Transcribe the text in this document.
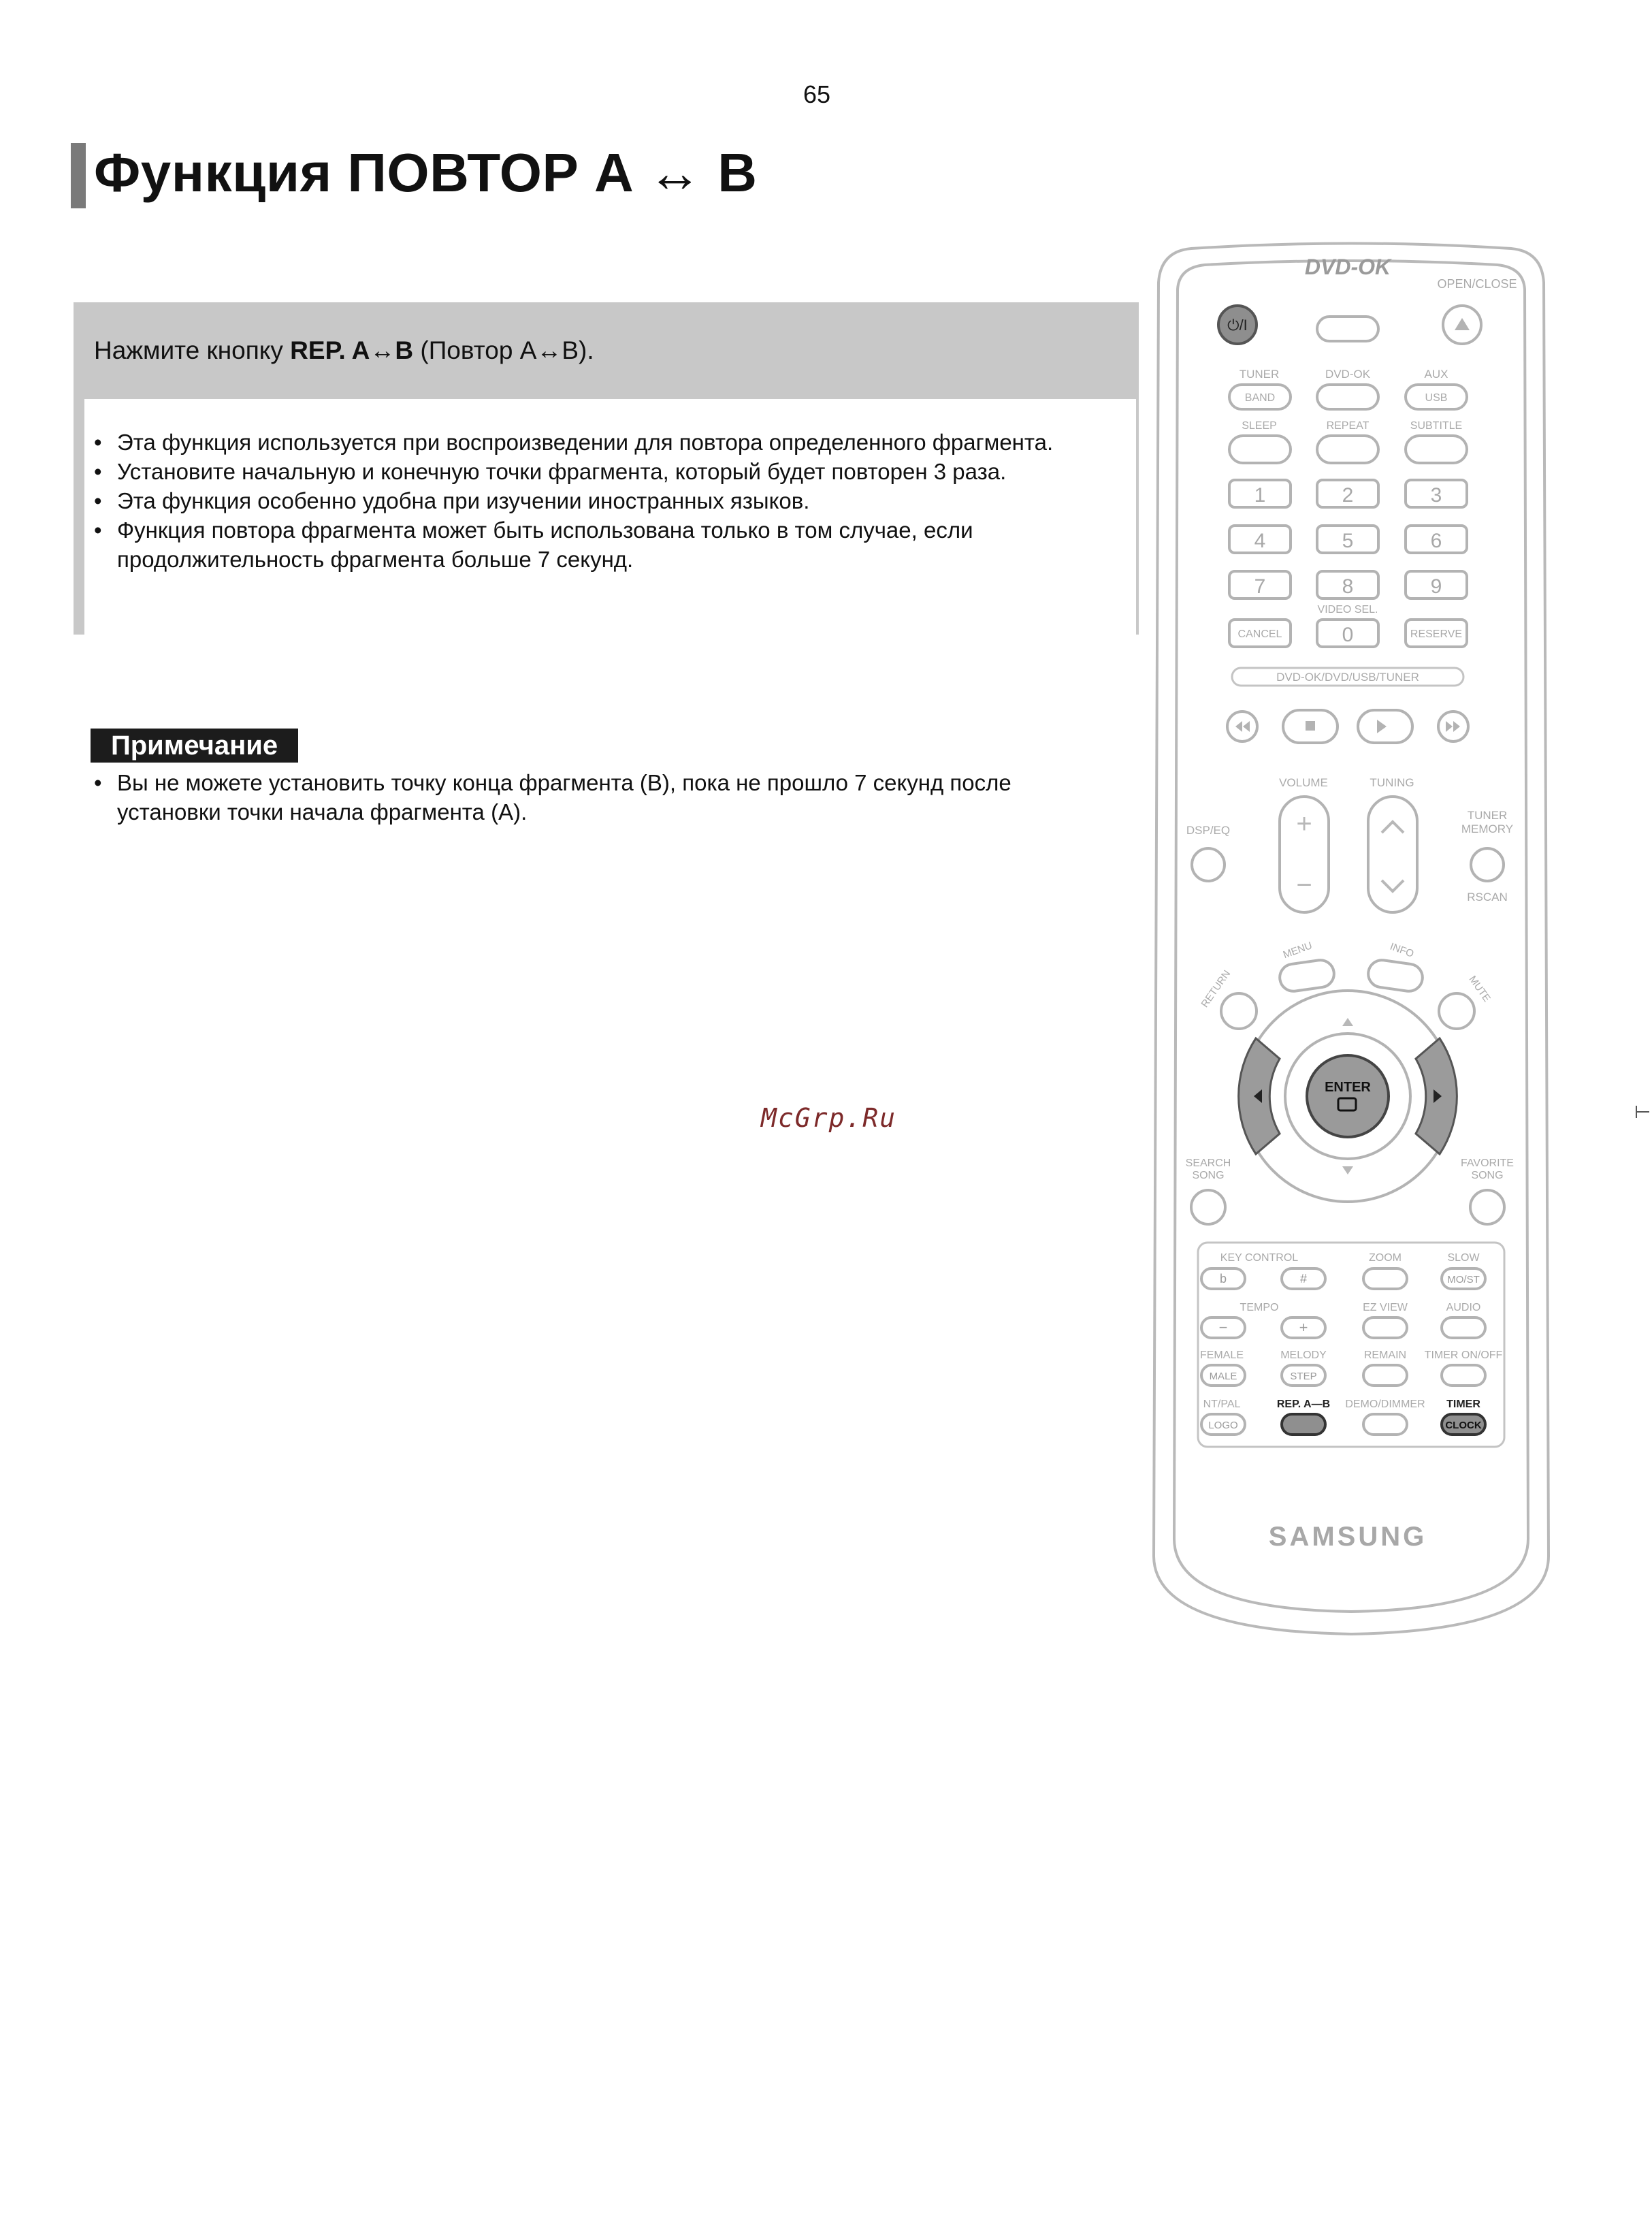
65
Функция ПОВТОР A ↔ B
Нажмите кнопку REP. A↔B (Повтор A↔B).
• Эта функция используется при воспроизведении для повтора определенного фрагмента.
• Установите начальную и конечную точки фрагмента, который будет повторен 3 раза.
• Эта функция особенно удобна при изучении иностранных языков.
• Функция повтора фрагмента может быть использована только в том случае, если продолжительность фрагмента больше 7 секунд.
Примечание
• Вы не можете установить точку конца фрагмента (B), пока не прошло 7 секунд после установки точки начала фрагмента (A).
McGrp.Ru
DVD-OK
OPEN/CLOSE
⏻/I
TUNER	DVD-OK	AUX
BAND	USB
SLEEP	REPEAT	SUBTITLE
1	2	3
4	5	6
7	8	9
0
VIDEO SEL.
CANCEL	RESERVE
DVD-OK/DVD/USB/TUNER
VOLUME	TUNING
DSP/EQ
TUNER
MEMORY
RSCAN
+
−
MENU	INFO
RETURN	MUTE
ENTER
SEARCH
SONG
FAVORITE
SONG
KEY CONTROL	ZOOM	SLOW
TEMPO	EZ VIEW	AUDIO
FEMALE	MELODY	REMAIN TIMER ON/OFF
NT/PAL	REP. A—B DEMO/DIMMER TIMER
b	#	MO/ST
−	+
MALE	STEP
LOGO	CLOCK
SAMSUNG
